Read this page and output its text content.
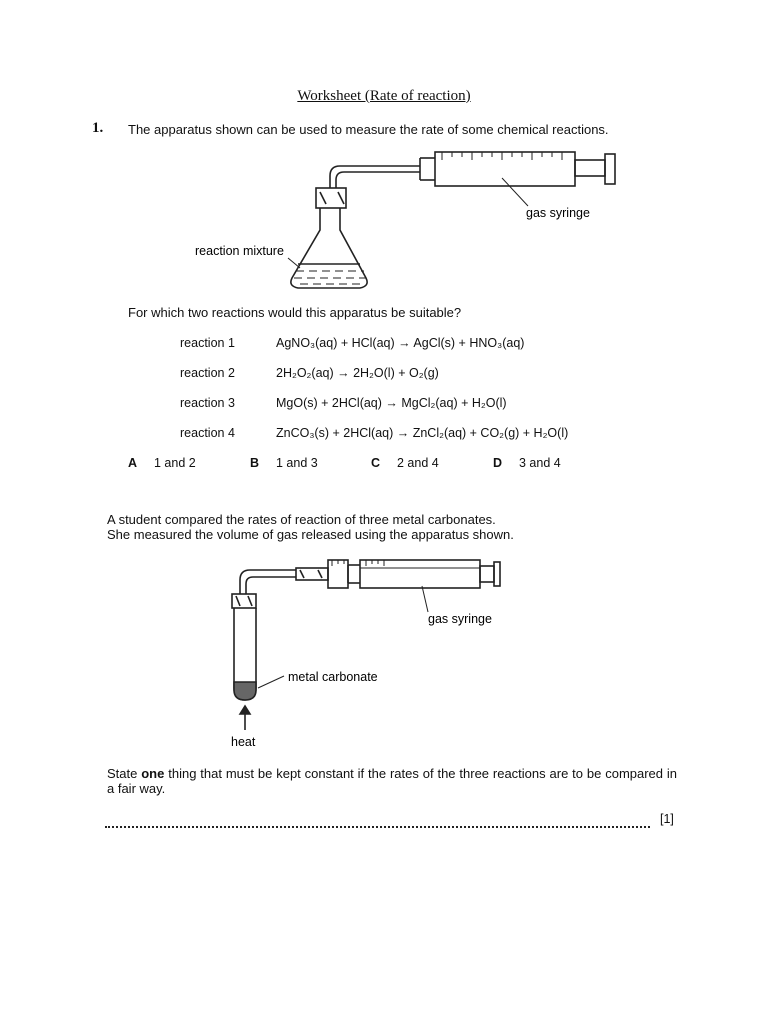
Worksheet (Rate of reaction)
1. The apparatus shown can be used to measure the rate of some chemical reactions.
gas syringe
reaction mixture
For which two reactions would this apparatus be suitable?
reaction 1	AgNO₃(aq) + HCl(aq) → AgCl(s) + HNO₃(aq)
reaction 2	2H₂O₂(aq) → 2H₂O(l) + O₂(g)
reaction 3	MgO(s) + 2HCl(aq) → MgCl₂(aq) + H₂O(l)
reaction 4	ZnCO₃(s) + 2HCl(aq) → ZnCl₂(aq) + CO₂(g) + H₂O(l)
A 1 and 2	B 1 and 3	C 2 and 4	D 3 and 4
A student compared the rates of reaction of three metal carbonates.
She measured the volume of gas released using the apparatus shown.
gas syringe
metal carbonate
heat
State one thing that must be kept constant if the rates of the three reactions are to be compared in a fair way.
[1]
